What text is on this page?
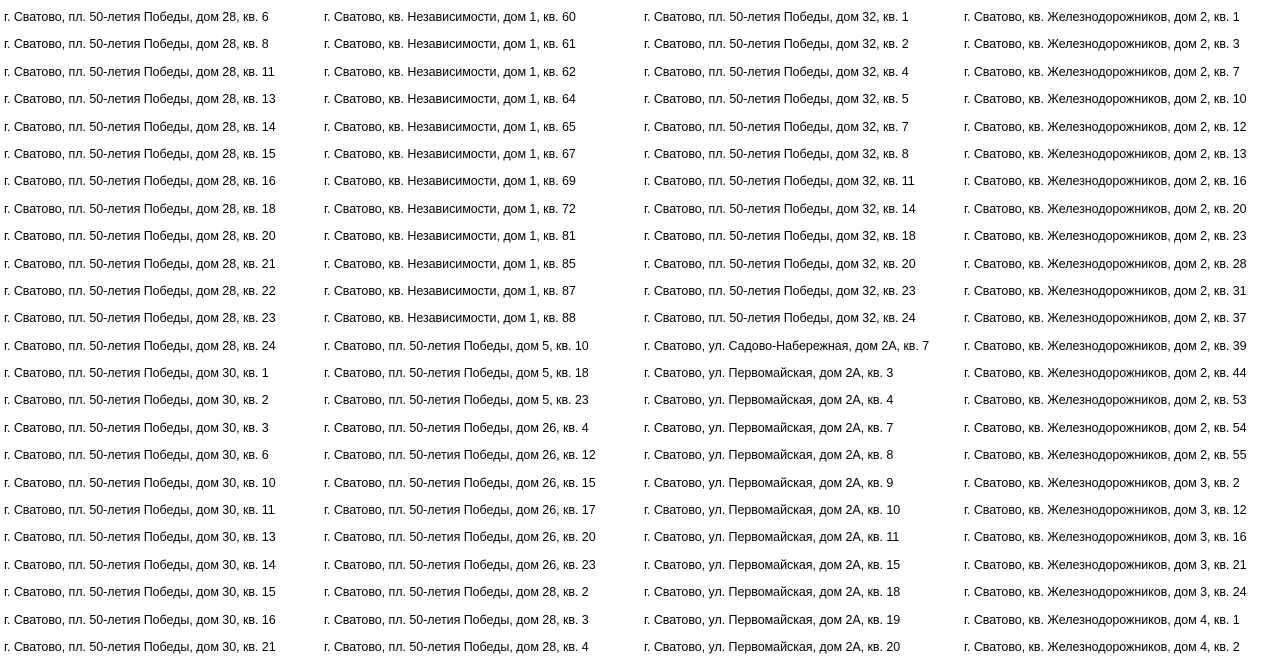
г. Сватово, пл. 50-летия Победы, дом 28, кв. 6
г. Сватово, пл. 50-летия Победы, дом 28, кв. 8
г. Сватово, пл. 50-летия Победы, дом 28, кв. 11
г. Сватово, пл. 50-летия Победы, дом 28, кв. 13
г. Сватово, пл. 50-летия Победы, дом 28, кв. 14
г. Сватово, пл. 50-летия Победы, дом 28, кв. 15
г. Сватово, пл. 50-летия Победы, дом 28, кв. 16
г. Сватово, пл. 50-летия Победы, дом 28, кв. 18
г. Сватово, пл. 50-летия Победы, дом 28, кв. 20
г. Сватово, пл. 50-летия Победы, дом 28, кв. 21
г. Сватово, пл. 50-летия Победы, дом 28, кв. 22
г. Сватово, пл. 50-летия Победы, дом 28, кв. 23
г. Сватово, пл. 50-летия Победы, дом 28, кв. 24
г. Сватово, пл. 50-летия Победы, дом 30, кв. 1
г. Сватово, пл. 50-летия Победы, дом 30, кв. 2
г. Сватово, пл. 50-летия Победы, дом 30, кв. 3
г. Сватово, пл. 50-летия Победы, дом 30, кв. 6
г. Сватово, пл. 50-летия Победы, дом 30, кв. 10
г. Сватово, пл. 50-летия Победы, дом 30, кв. 11
г. Сватово, пл. 50-летия Победы, дом 30, кв. 13
г. Сватово, пл. 50-летия Победы, дом 30, кв. 14
г. Сватово, пл. 50-летия Победы, дом 30, кв. 15
г. Сватово, пл. 50-летия Победы, дом 30, кв. 16
г. Сватово, пл. 50-летия Победы, дом 30, кв. 21
г. Сватово, кв. Независимости, дом 1, кв. 60
г. Сватово, кв. Независимости, дом 1, кв. 61
г. Сватово, кв. Независимости, дом 1, кв. 62
г. Сватово, кв. Независимости, дом 1, кв. 64
г. Сватово, кв. Независимости, дом 1, кв. 65
г. Сватово, кв. Независимости, дом 1, кв. 67
г. Сватово, кв. Независимости, дом 1, кв. 69
г. Сватово, кв. Независимости, дом 1, кв. 72
г. Сватово, кв. Независимости, дом 1, кв. 81
г. Сватово, кв. Независимости, дом 1, кв. 85
г. Сватово, кв. Независимости, дом 1, кв. 87
г. Сватово, кв. Независимости, дом 1, кв. 88
г. Сватово, пл. 50-летия Победы, дом 5, кв. 10
г. Сватово, пл. 50-летия Победы, дом 5, кв. 18
г. Сватово, пл. 50-летия Победы, дом 5, кв. 23
г. Сватово, пл. 50-летия Победы, дом 26, кв. 4
г. Сватово, пл. 50-летия Победы, дом 26, кв. 12
г. Сватово, пл. 50-летия Победы, дом 26, кв. 15
г. Сватово, пл. 50-летия Победы, дом 26, кв. 17
г. Сватово, пл. 50-летия Победы, дом 26, кв. 20
г. Сватово, пл. 50-летия Победы, дом 26, кв. 23
г. Сватово, пл. 50-летия Победы, дом 28, кв. 2
г. Сватово, пл. 50-летия Победы, дом 28, кв. 3
г. Сватово, пл. 50-летия Победы, дом 28, кв. 4
г. Сватово, пл. 50-летия Победы, дом 32, кв. 1
г. Сватово, пл. 50-летия Победы, дом 32, кв. 2
г. Сватово, пл. 50-летия Победы, дом 32, кв. 4
г. Сватово, пл. 50-летия Победы, дом 32, кв. 5
г. Сватово, пл. 50-летия Победы, дом 32, кв. 7
г. Сватово, пл. 50-летия Победы, дом 32, кв. 8
г. Сватово, пл. 50-летия Победы, дом 32, кв. 11
г. Сватово, пл. 50-летия Победы, дом 32, кв. 14
г. Сватово, пл. 50-летия Победы, дом 32, кв. 18
г. Сватово, пл. 50-летия Победы, дом 32, кв. 20
г. Сватово, пл. 50-летия Победы, дом 32, кв. 23
г. Сватово, пл. 50-летия Победы, дом 32, кв. 24
г. Сватово, ул. Садово-Набережная, дом 2А, кв. 7
г. Сватово, ул. Первомайская, дом 2А, кв. 3
г. Сватово, ул. Первомайская, дом 2А, кв. 4
г. Сватово, ул. Первомайская, дом 2А, кв. 7
г. Сватово, ул. Первомайская, дом 2А, кв. 8
г. Сватово, ул. Первомайская, дом 2А, кв. 9
г. Сватово, ул. Первомайская, дом 2А, кв. 10
г. Сватово, ул. Первомайская, дом 2А, кв. 11
г. Сватово, ул. Первомайская, дом 2А, кв. 15
г. Сватово, ул. Первомайская, дом 2А, кв. 18
г. Сватово, ул. Первомайская, дом 2А, кв. 19
г. Сватово, ул. Первомайская, дом 2А, кв. 20
г. Сватово, кв. Железнодорожников, дом 2, кв. 1
г. Сватово, кв. Железнодорожников, дом 2, кв. 3
г. Сватово, кв. Железнодорожников, дом 2, кв. 7
г. Сватово, кв. Железнодорожников, дом 2, кв. 10
г. Сватово, кв. Железнодорожников, дом 2, кв. 12
г. Сватово, кв. Железнодорожников, дом 2, кв. 13
г. Сватово, кв. Железнодорожников, дом 2, кв. 16
г. Сватово, кв. Железнодорожников, дом 2, кв. 20
г. Сватово, кв. Железнодорожников, дом 2, кв. 23
г. Сватово, кв. Железнодорожников, дом 2, кв. 28
г. Сватово, кв. Железнодорожников, дом 2, кв. 31
г. Сватово, кв. Железнодорожников, дом 2, кв. 37
г. Сватово, кв. Железнодорожников, дом 2, кв. 39
г. Сватово, кв. Железнодорожников, дом 2, кв. 44
г. Сватово, кв. Железнодорожников, дом 2, кв. 53
г. Сватово, кв. Железнодорожников, дом 2, кв. 54
г. Сватово, кв. Железнодорожников, дом 2, кв. 55
г. Сватово, кв. Железнодорожников, дом 3, кв. 2
г. Сватово, кв. Железнодорожников, дом 3, кв. 12
г. Сватово, кв. Железнодорожников, дом 3, кв. 16
г. Сватово, кв. Железнодорожников, дом 3, кв. 21
г. Сватово, кв. Железнодорожников, дом 3, кв. 24
г. Сватово, кв. Железнодорожников, дом 4, кв. 1
г. Сватово, кв. Железнодорожников, дом 4, кв. 2
